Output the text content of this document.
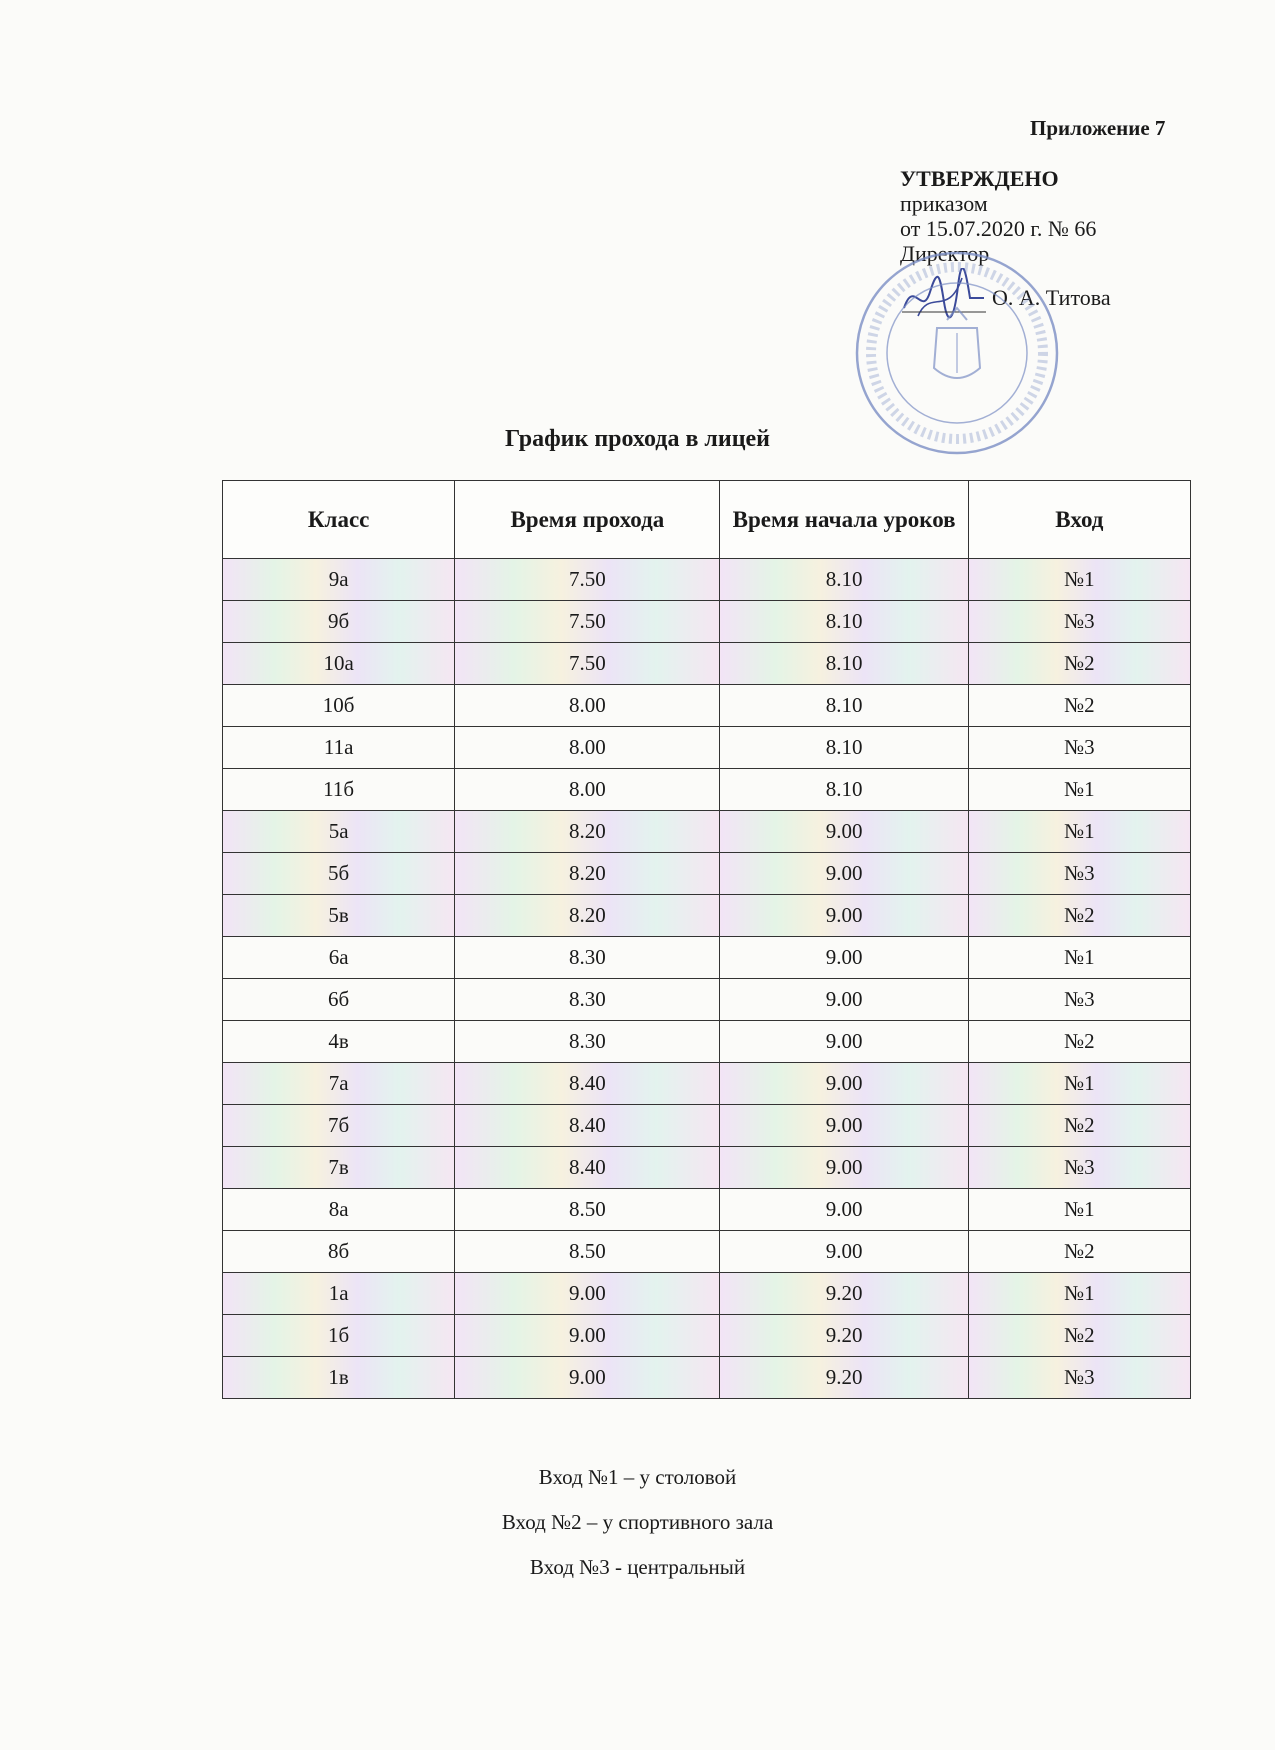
Приложение 7
УТВЕРЖДЕНО
приказом
от 15.07.2020 г. № 66
Директор
О. А. Титова
График прохода в лицей
Класс	Время прохода	Время начала уроков	Вход
9а	7.50	8.10	№1
9б	7.50	8.10	№3
10а	7.50	8.10	№2
10б	8.00	8.10	№2
11а	8.00	8.10	№3
11б	8.00	8.10	№1
5а	8.20	9.00	№1
5б	8.20	9.00	№3
5в	8.20	9.00	№2
6а	8.30	9.00	№1
6б	8.30	9.00	№3
4в	8.30	9.00	№2
7а	8.40	9.00	№1
7б	8.40	9.00	№2
7в	8.40	9.00	№3
8а	8.50	9.00	№1
8б	8.50	9.00	№2
1а	9.00	9.20	№1
1б	9.00	9.20	№2
1в	9.00	9.20	№3
Вход №1 – у столовой
Вход №2 – у спортивного зала
Вход №3 - центральный
